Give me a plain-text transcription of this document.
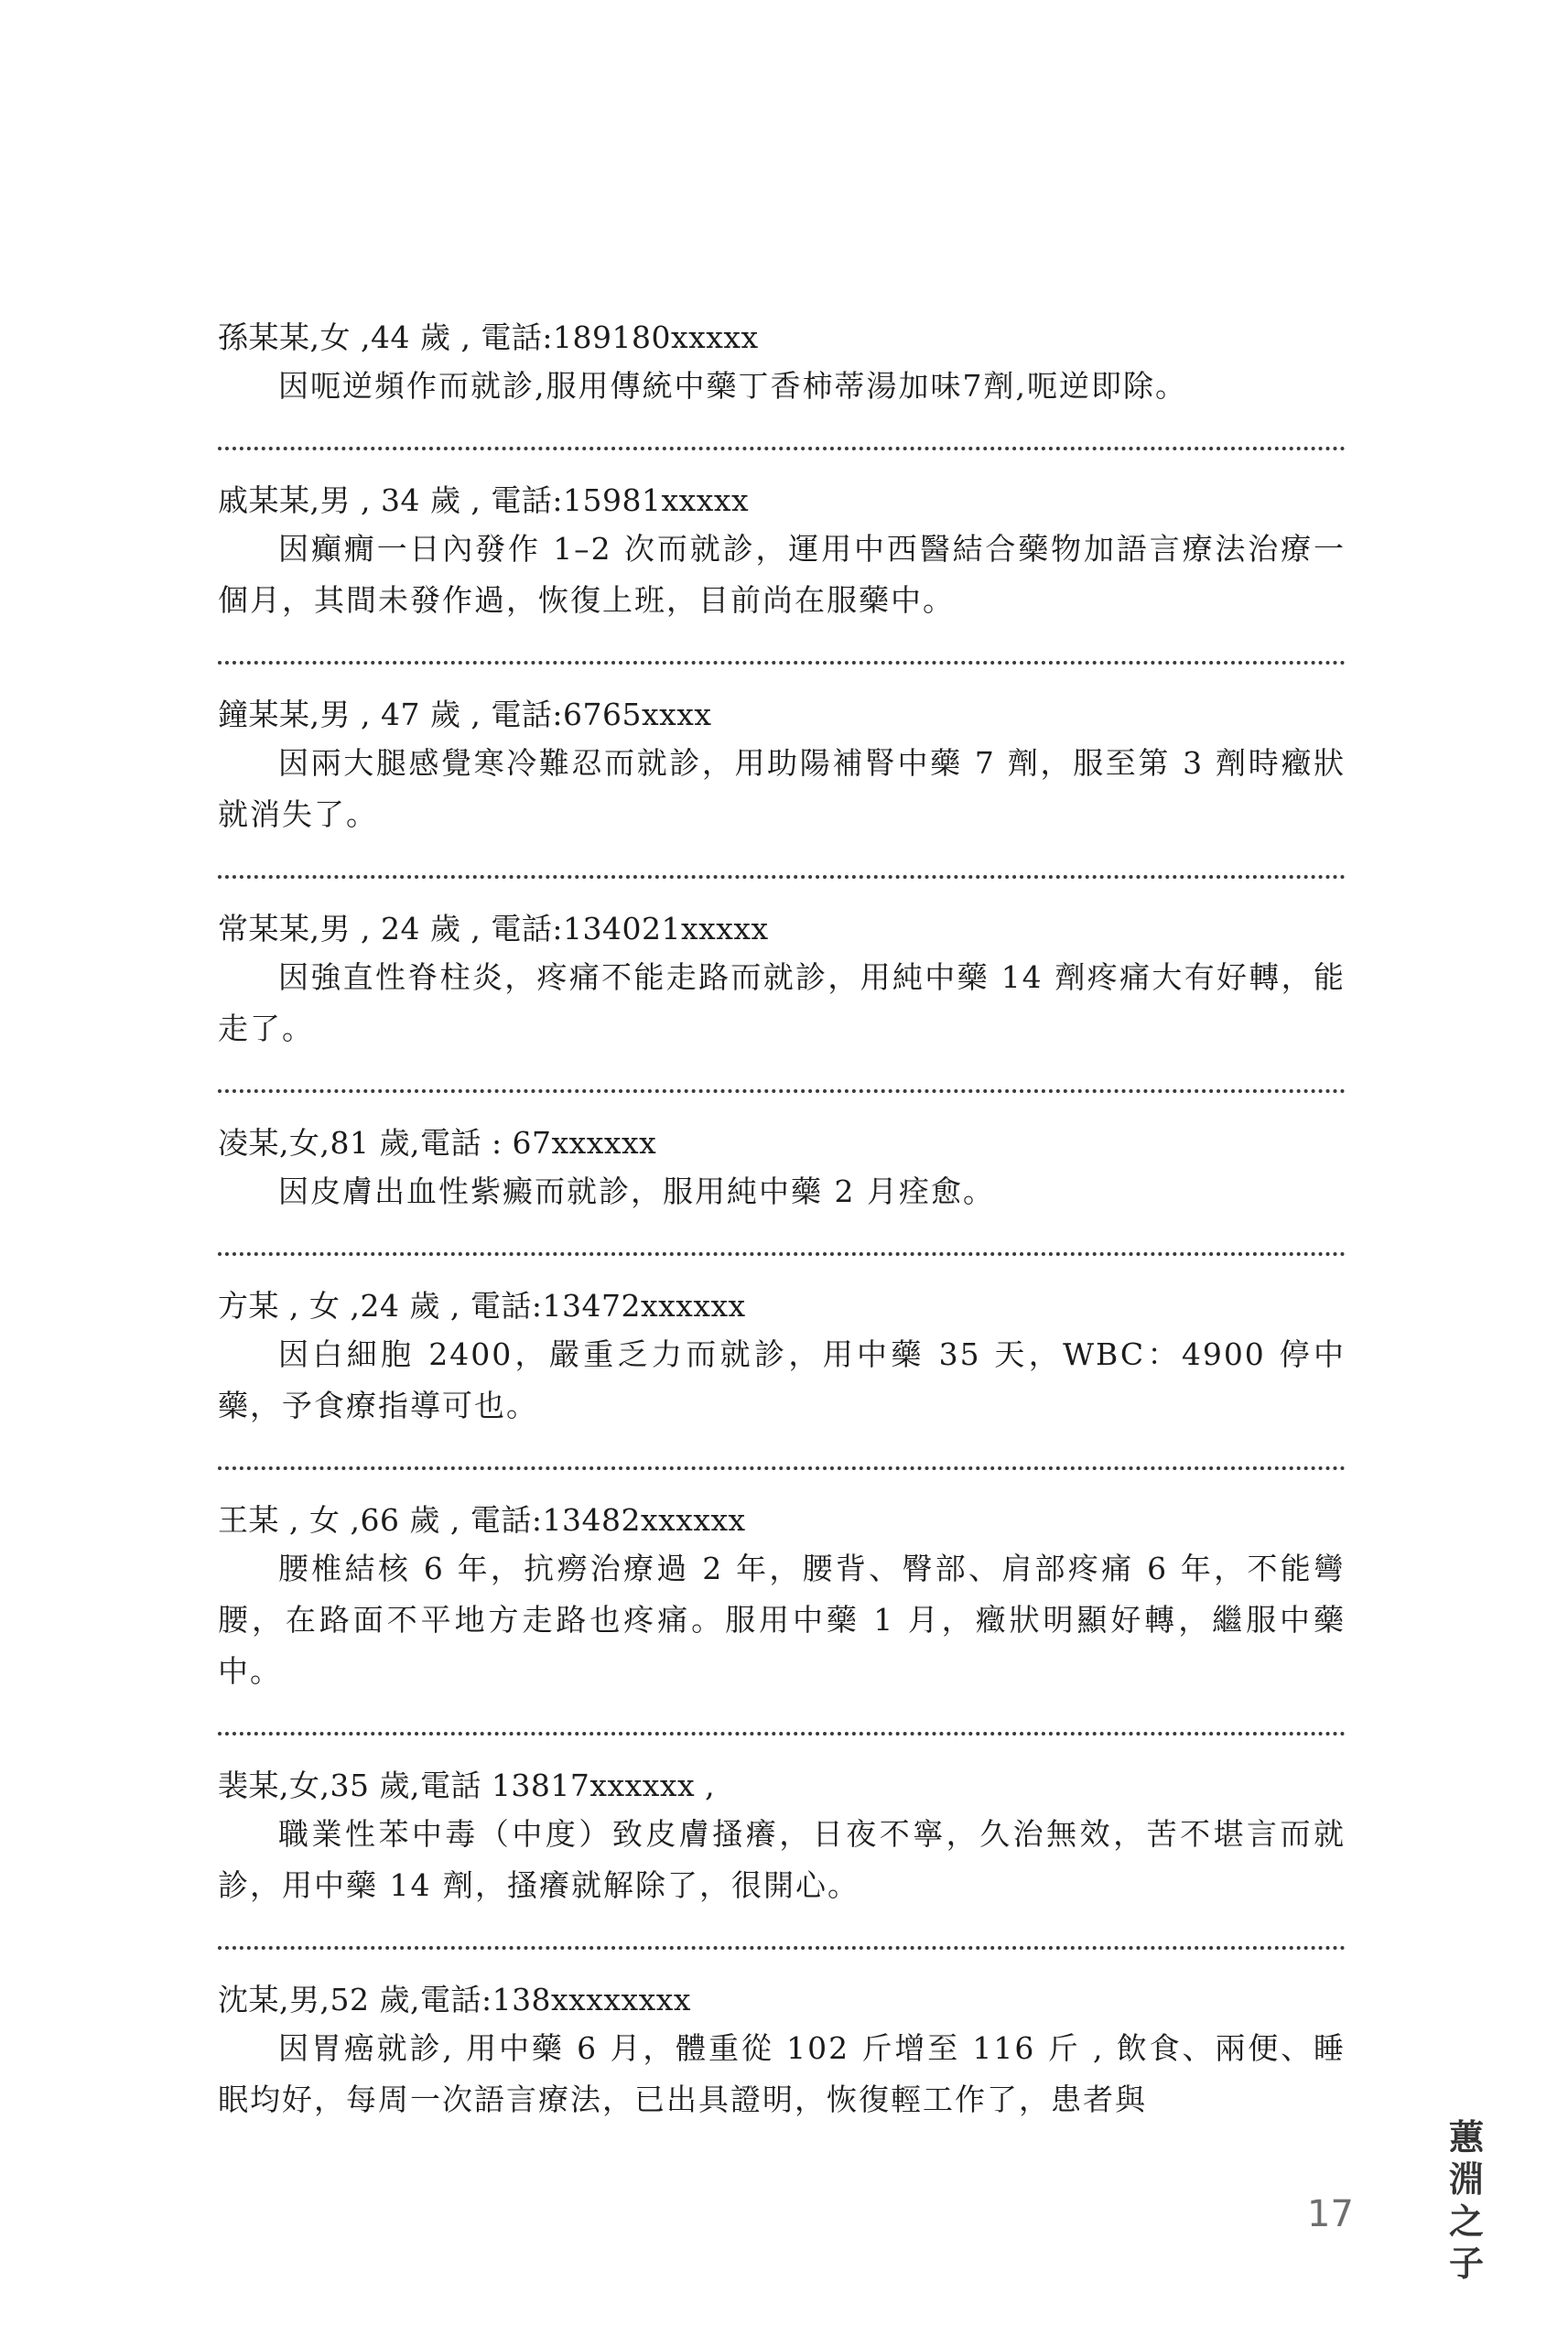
孫某某,女 ,44 歲 , 電話:189180xxxxx
因呃逆頻作而就診,服用傳統中藥丁香柿蒂湯加味7劑,呃逆即除。
戚某某,男 , 34 歲 , 電話:15981xxxxx
因癲癇一日內發作 1–2 次而就診，運用中西醫結合藥物加語言療法治療一個月，其間未發作過，恢復上班，目前尚在服藥中。
鐘某某,男 , 47 歲 , 電話:6765xxxx
因兩大腿感覺寒冷難忍而就診，用助陽補腎中藥 7 劑，服至第 3 劑時癥狀就消失了。
常某某,男 , 24 歲 , 電話:134021xxxxx
因強直性脊柱炎，疼痛不能走路而就診，用純中藥 14 劑疼痛大有好轉，能走了。
凌某,女,81 歲,電話 : 67xxxxxx
因皮膚出血性紫癜而就診，服用純中藥 2 月痊愈。
方某 , 女 ,24 歲 , 電話:13472xxxxxx
因白細胞 2400，嚴重乏力而就診，用中藥 35 天，WBC：4900 停中藥，予食療指導可也。
王某 , 女 ,66 歲 , 電話:13482xxxxxx
腰椎結核 6 年，抗癆治療過 2 年，腰背、臀部、肩部疼痛 6 年，不能彎腰，在路面不平地方走路也疼痛。服用中藥 1 月，癥狀明顯好轉，繼服中藥中。
裴某,女,35 歲,電話 13817xxxxxx ,
職業性苯中毒（中度）致皮膚搔癢，日夜不寧，久治無效，苦不堪言而就診，用中藥 14 劑，搔癢就解除了，很開心。
沈某,男,52 歲,電話:138xxxxxxxx
因胃癌就診, 用中藥 6 月，體重從 102 斤增至 116 斤 , 飲食、兩便、睡眠均好，每周一次語言療法，已出具證明，恢復輕工作了，患者與
17
蕙淵之子
